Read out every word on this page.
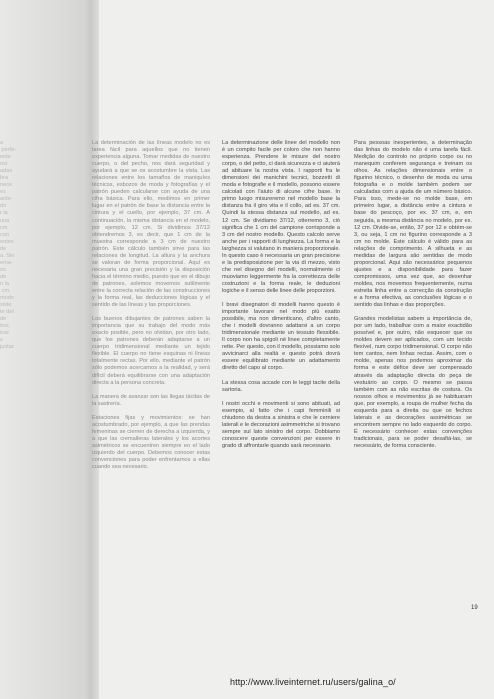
a
perfe-
ente
osi
adas
bra
nece
es
ante-
do
r la
una
cm
con
entes
de
a. Sin
ema-
os
de
n la
cm.
modo
siste
te del
de
itos,
irse
s
justar

La determinación de las líneas modelo no es tarea fácil para aquellos que no tienen experiencia alguna. Tomar medidas de nuestro cuerpo, o del pecho, nos dará seguridad y ayudará a que se os acostumbre la vista. Las relaciones entre los tamaños de maniquíes técnicos, esbozos de moda y fotografías y el patrón pueden calcularse con ayuda de una cifra básica. Para ello, medimos en primer lugar en el patrón de base la distancia entre la cintura y el cuello, por ejemplo, 37 cm. A continuación, la misma distancia en el modelo, por ejemplo, 12 cm. Si dividimos 37/12 obtendremos 3, es decir, que 1 cm de la muestra corresponde a 3 cm de nuestro patrón. Este cálculo también sirve para las relaciones de longitud. La altura y la anchura se valoran de forma proporcional. Aquí es necesaria una gran precisión y la disposición hacia el término medio, puesto que en el dibujo de patrones, solemos movernos sutilmente entre la correcta relación de las construcciones y la forma real, las deducciones lógicas y el sentido de las líneas y las proporciones.

Los buenos dibujantes de patrones saben la importancia que su trabajo del modo más exacto posible, pero no olvidan, por otro lado, que los patrones deberán adaptarse a un cuerpo tridimensional mediante un tejido flexible. El cuerpo no tiene esquinas ni líneas totalmente rectas. Por ello, mediante el patrón sólo podemos acercarnos a la realidad, y será difícil deberá equilibrarse con una adaptación directa a la persona concreta.

La manera de avanzar son las llegas tácitas de la sastrería.

Estaciones fijas y movimientos: se han acostumbrado, por ejemplo, a que las prendas femeninas se cierren de derecha a izquierda, y a que las cremalleras laterales y los acortes asimétricos se encuentren siempre en el lado izquierdo del cuerpo. Debemos conocer estas convenciones para poder enfrentarnos a ellas cuando sea necesario.

La determinazione delle linee del modello non è un compito facile per coloro che non hanno esperienza. Prendere le misure del nostro corpo, o del petto, ci darà sicurezza e ci aiuterà ad abituare la nostra vista. I rapporti fra le dimensioni dei manichini tecnici, bozzetti di moda e fotografie e il modello, possono essere calcolati con l'aiuto di alcune cifre base. In primo luogo misureremo nel modello base la distanza fra il giro vita e il collo, ad es. 37 cm. Quindi la stessa distanza sul modello, ad es. 12 cm. Se dividiamo 37/12, otterremo 3, ciò significa che 1 cm del campione corrisponde a 3 cm del nostro modello. Questo calcolo serve anche per i rapporti di lunghezza. La forma e la larghezza si valutano in maniera proporzionale. In questo caso è necessaria un gran precisione e la predisposizione per la via di mezzo, visto che nel disegno del modelli, normalmente ci muoviamo leggermente fra la correttezza delle costruzioni e la forma reale, le deduzioni logiche e il senso delle linee delle proporzioni.

I bravi disegnatori di modelli hanno questo è importante lavorare nel modo più esatto possibile, ma non dimenticano, d'altro canto, che i modelli dovranno adattarsi a un corpo tridimensionale mediante un tessuto flessibile. Il corpo non ha spigoli né linee completamente rette. Per questo, con il modello, possiamo solo avvicinarci alla realtà e questo potrà dovrà essere equilibrato mediante un adattamento diretto del capo al corpo.

La stessa cosa accade con le leggi tacite della sartoria.

I nostri occhi e movimenti si sono abituati, ad esempio, al fatto che i capi femminili si chiudono da destra a sinistra e che le cerniere laterali e le decorazioni asimmetriche si trovano sempre sul lato sinistro del corpo. Dobbiamo conoscere queste convenzioni per essere in grado di affrontarle quando sarà necessario.

Para pessoas inexperientes, a determinação das linhas do modelo não é uma tarefa fácil. Medição do controlo no próprio corpo ou no manequim conferem segurança e treinam os olhos. As relações dimensionais entre o figurino técnico, o desenho de moda ou uma fotografia e o molde também podem ser calculadas com a ajuda de um número básico. Para isso, mede-se no molde base, em primeiro lugar, a distância entre a cintura e base do pescoço, por ex. 37 cm, e, em seguida, a mesma distância no modelo, por ex. 12 cm. Divide-se, então, 37 por 12 e obtém-se 3, ou seja, 1 cm no figurino corresponde a 3 cm no molde. Este cálculo é válido para as relações de comprimento. A silhueta e as medidas de largura são sentidas de modo proporcional. Aqui são necessários pequenos ajustes e a disponibilidade para fazer compromissos, uma vez que, ao desenhar moldes, nos movemos frequentemente, numa estreita linha entre a correcção da construção e a forma efectiva, as conclusões lógicas e o sentido das linhas e das proporções.

Grandes modelistas sabem a importância de, por um lado, trabalhar com a maior exactidão possível e, por outro, não esquecer que os moldes devem ser aplicados, com um tecido flexível, num corpo tridimensional. O corpo não tem cantos, nem linhas rectas. Assim, com o molde, apenas nos podemos aproximar da forma e este défice deve ser compensado através da adaptação directa do peça de vestuário ao corpo. O mesmo se passa também com as não escritas de costura. Os nossos olhos e movimentos já se habituaram que, por exemplo, a roupa de mulher fecha da esquerda para a direita ou que os fechos laterais e as decorações assimétricas se encontrem sempre no lado esquerdo do corpo. É necessário conhecer estas convenções tradicionais, para se poder desafiá-las, se necessário, de forma consciente.

19
http://www.liveinternet.ru/users/galina_o/
